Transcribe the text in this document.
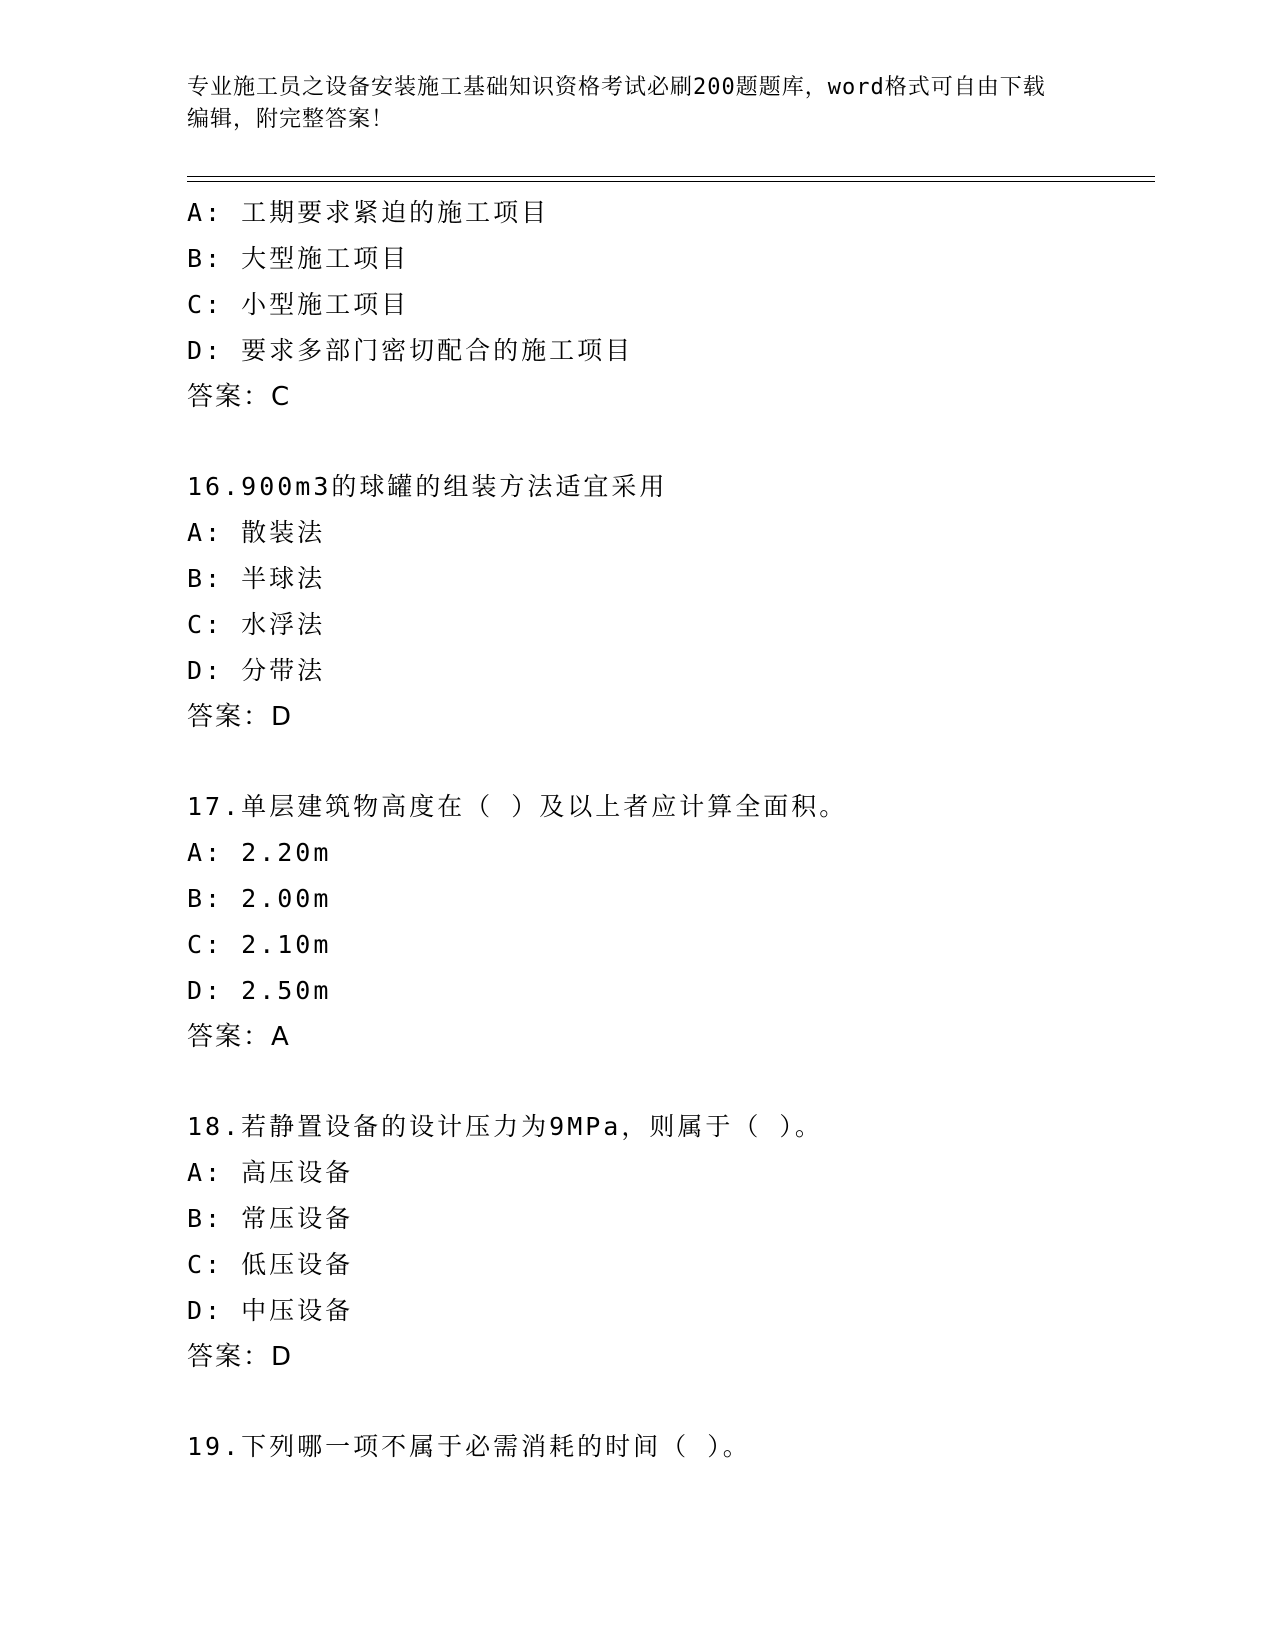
专业施工员之设备安装施工基础知识资格考试必刷200题题库，word格式可自由下载编辑，附完整答案！
A: 工期要求紧迫的施工项目
B: 大型施工项目
C: 小型施工项目
D: 要求多部门密切配合的施工项目
答案：C
16.900m3的球罐的组装方法适宜采用
A: 散装法
B: 半球法
C: 水浮法
D: 分带法
答案：D
17.单层建筑物高度在（ ）及以上者应计算全面积。
A: 2.20m
B: 2.00m
C: 2.10m
D: 2.50m
答案：A
18.若静置设备的设计压力为9MPa，则属于（ ）。
A: 高压设备
B: 常压设备
C: 低压设备
D: 中压设备
答案：D
19.下列哪一项不属于必需消耗的时间（ ）。
